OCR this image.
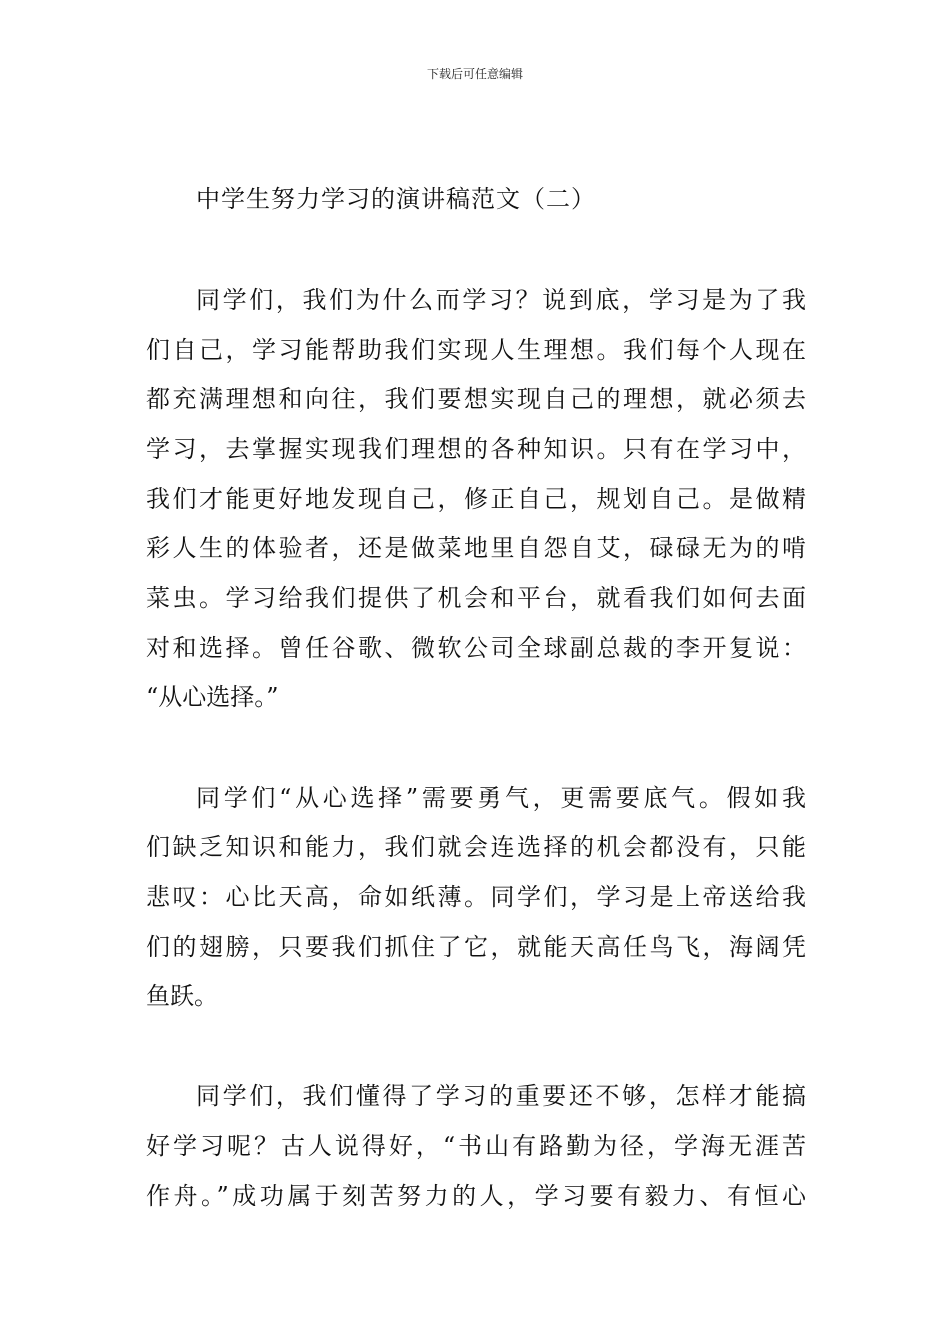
下载后可任意编辑
中学生努力学习的演讲稿范文（二）
同学们，我们为什么而学习？说到底，学习是为了我
们自己，学习能帮助我们实现人生理想。我们每个人现在
都充满理想和向往，我们要想实现自己的理想，就必须去
学习，去掌握实现我们理想的各种知识。只有在学习中，
我们才能更好地发现自己，修正自己，规划自己。是做精
彩人生的体验者，还是做菜地里自怨自艾，碌碌无为的啃
菜虫。学习给我们提供了机会和平台，就看我们如何去面
对和选择。曾任谷歌、微软公司全球副总裁的李开复说：
“从心选择。”
同学们“从心选择”需要勇气，更需要底气。假如我
们缺乏知识和能力，我们就会连选择的机会都没有，只能
悲叹：心比天高，命如纸薄。同学们，学习是上帝送给我
们的翅膀，只要我们抓住了它，就能天高任鸟飞，海阔凭
鱼跃。
同学们，我们懂得了学习的重要还不够，怎样才能搞
好学习呢？古人说得好，“书山有路勤为径，学海无涯苦
作舟。”成功属于刻苦努力的人，学习要有毅力、有恒心
